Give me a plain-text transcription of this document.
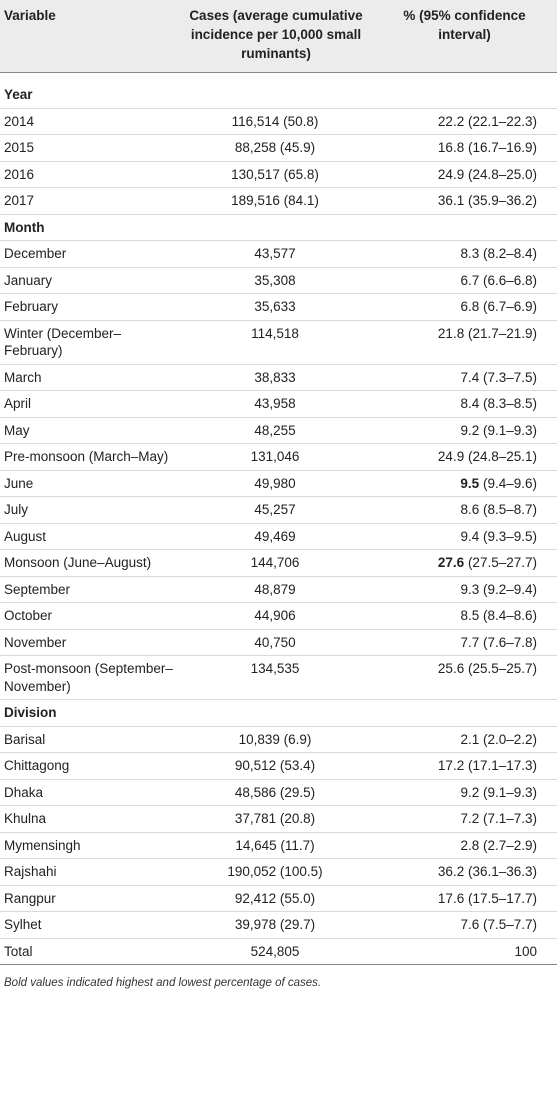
Variable	Cases (average cumulative incidence per 10,000 small ruminants)	% (95% confidence interval)
Year		
2014	116,514 (50.8)	22.2 (22.1–22.3)
2015	88,258 (45.9)	16.8 (16.7–16.9)
2016	130,517 (65.8)	24.9 (24.8–25.0)
2017	189,516 (84.1)	36.1 (35.9–36.2)
Month		
December	43,577	8.3 (8.2–8.4)
January	35,308	6.7 (6.6–6.8)
February	35,633	6.8 (6.7–6.9)
Winter (December–February)	114,518	21.8 (21.7–21.9)
March	38,833	7.4 (7.3–7.5)
April	43,958	8.4 (8.3–8.5)
May	48,255	9.2 (9.1–9.3)
Pre-monsoon (March–May)	131,046	24.9 (24.8–25.1)
June	49,980	9.5 (9.4–9.6)
July	45,257	8.6 (8.5–8.7)
August	49,469	9.4 (9.3–9.5)
Monsoon (June–August)	144,706	27.6 (27.5–27.7)
September	48,879	9.3 (9.2–9.4)
October	44,906	8.5 (8.4–8.6)
November	40,750	7.7 (7.6–7.8)
Post-monsoon (September–November)	134,535	25.6 (25.5–25.7)
Division		
Barisal	10,839 (6.9)	2.1 (2.0–2.2)
Chittagong	90,512 (53.4)	17.2 (17.1–17.3)
Dhaka	48,586 (29.5)	9.2 (9.1–9.3)
Khulna	37,781 (20.8)	7.2 (7.1–7.3)
Mymensingh	14,645 (11.7)	2.8 (2.7–2.9)
Rajshahi	190,052 (100.5)	36.2 (36.1–36.3)
Rangpur	92,412 (55.0)	17.6 (17.5–17.7)
Sylhet	39,978 (29.7)	7.6 (7.5–7.7)
Total	524,805	100
Bold values indicated highest and lowest percentage of cases.
